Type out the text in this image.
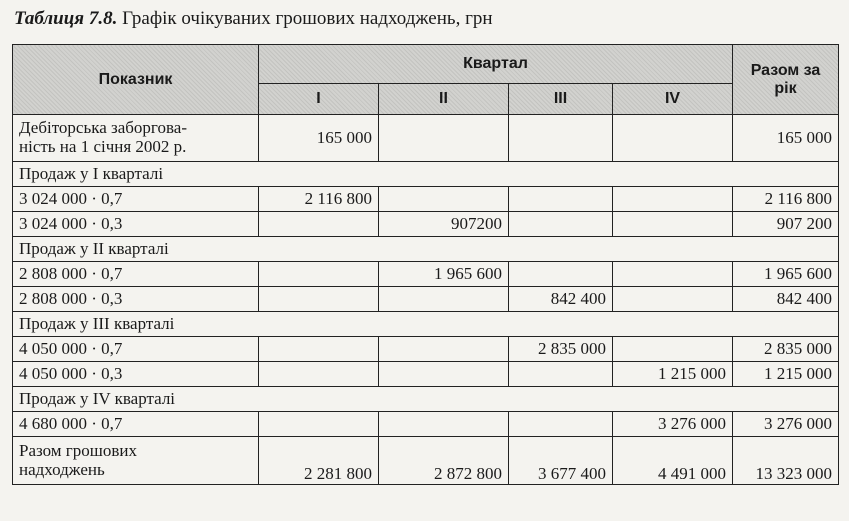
Таблиця 7.8. Графік очікуваних грошових надходжень, грн
Показник	Квартал				Разом за рік
	I	II	III	IV	
Дебіторська заборгова-
ність на 1 січня 2002 р.	165 000				165 000
Продаж у I кварталі					
3 024 000 · 0,7	2 116 800				2 116 800
3 024 000 · 0,3		907200			907 200
Продаж у II кварталі					
2 808 000 · 0,7		1 965 600			1 965 600
2 808 000 · 0,3			842 400		842 400
Продаж у III кварталі					
4 050 000 · 0,7			2 835 000		2 835 000
4 050 000 · 0,3				1 215 000	1 215 000
Продаж у IV кварталі					
4 680 000 · 0,7				3 276 000	3 276 000
Разом грошових
надходжень	2 281 800	2 872 800	3 677 400	4 491 000	13 323 000
